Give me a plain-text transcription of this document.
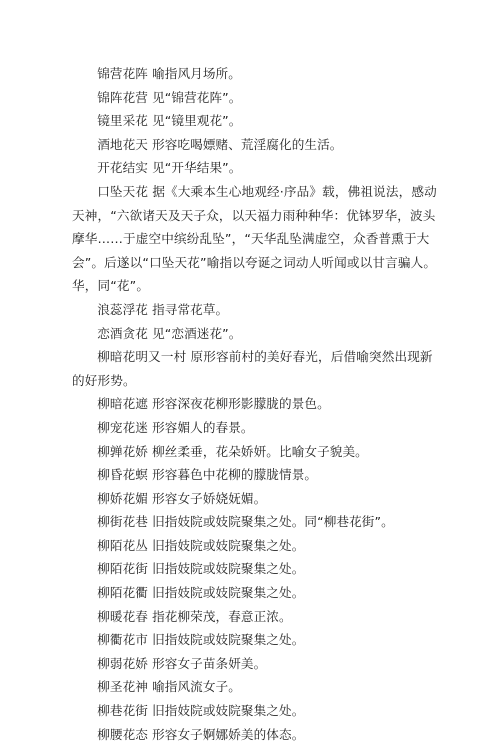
锦营花阵 喻指风月场所。

锦阵花营 见“锦营花阵”。

镜里采花 见“镜里观花”。

酒地花天 形容吃喝嫖赌、荒淫腐化的生活。

开花结实 见“开华结果”。

口坠天花 据《大乘本生心地观经·序品》载，佛祖说法，感动天神，“六欲诸天及天子众，以天福力雨种种华：优钵罗华，波头摩华……于虚空中缤纷乱坠”，“天华乱坠满虚空，众香普熏于大会”。后遂以“口坠天花”喻指以夸诞之词动人听闻或以甘言骗人。华，同“花”。

浪蕊浮花 指寻常花草。

恋酒贪花 见“恋酒迷花”。

柳暗花明又一村 原形容前村的美好春光，后借喻突然出现新的好形势。

柳暗花遮 形容深夜花柳形影朦胧的景色。

柳宠花迷 形容媚人的春景。

柳亸花娇 柳丝柔垂，花朵娇妍。比喻女子貌美。

柳昏花螟 形容暮色中花柳的朦胧情景。

柳娇花媚 形容女子娇娆妩媚。

柳街花巷 旧指妓院或妓院聚集之处。同“柳巷花街”。

柳陌花丛 旧指妓院或妓院聚集之处。

柳陌花街 旧指妓院或妓院聚集之处。

柳陌花衢 旧指妓院或妓院聚集之处。

柳暖花春 指花柳荣茂，春意正浓。

柳衢花市 旧指妓院或妓院聚集之处。

柳弱花娇 形容女子苗条妍美。

柳圣花神 喻指风流女子。

柳巷花街 旧指妓院或妓院聚集之处。

柳腰花态 形容女子婀娜娇美的体态。
